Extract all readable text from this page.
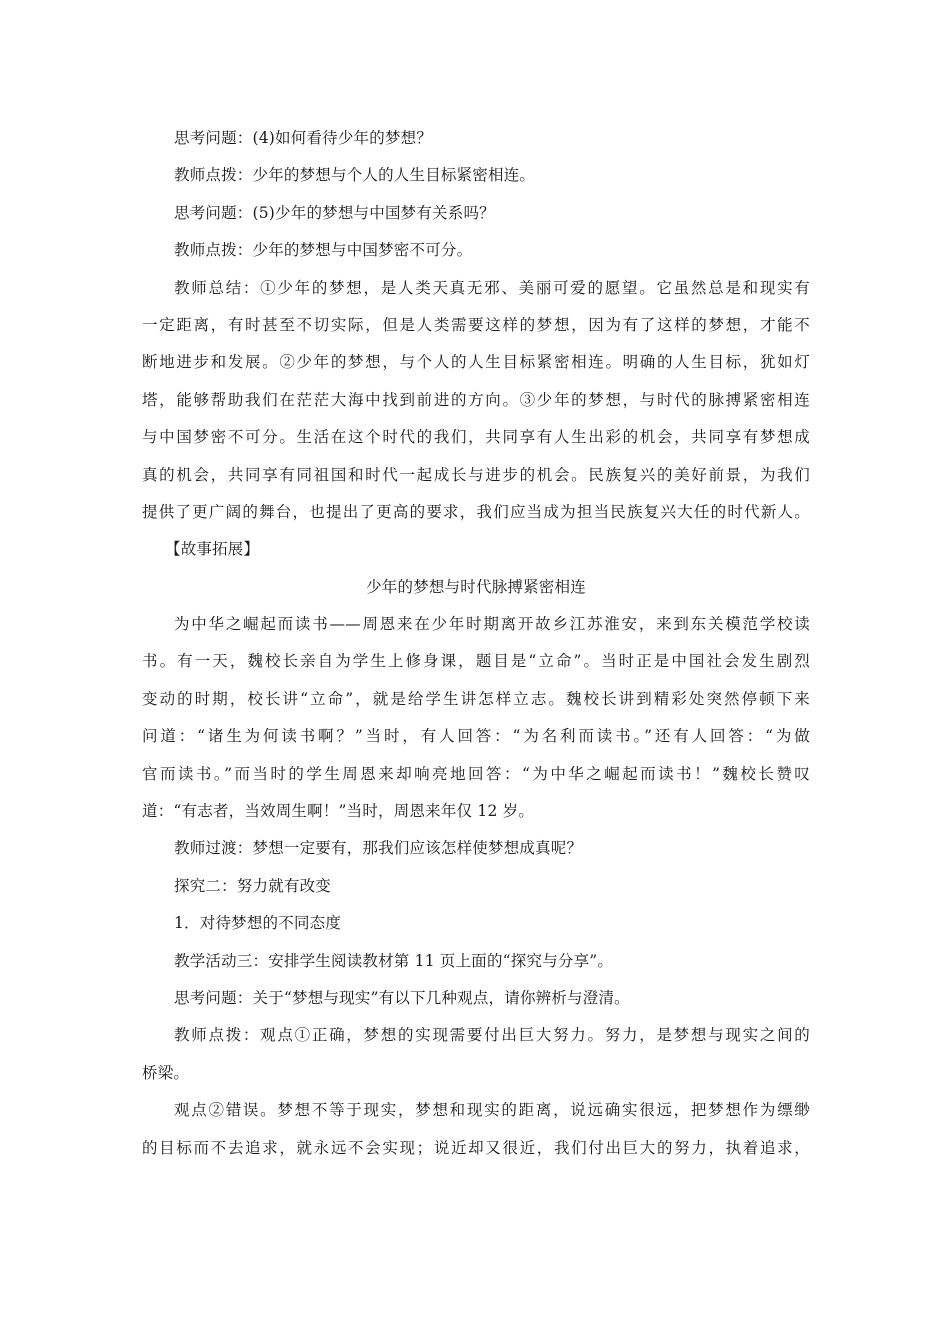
思考问题：(4)如何看待少年的梦想？
教师点拨：少年的梦想与个人的人生目标紧密相连。
思考问题：(5)少年的梦想与中国梦有关系吗？
教师点拨：少年的梦想与中国梦密不可分。
教师总结：①少年的梦想，是人类天真无邪、美丽可爱的愿望。它虽然总是和现实有
一定距离，有时甚至不切实际，但是人类需要这样的梦想，因为有了这样的梦想，才能不
断地进步和发展。②少年的梦想，与个人的人生目标紧密相连。明确的人生目标，犹如灯
塔，能够帮助我们在茫茫大海中找到前进的方向。③少年的梦想，与时代的脉搏紧密相连
与中国梦密不可分。生活在这个时代的我们，共同享有人生出彩的机会，共同享有梦想成
真的机会，共同享有同祖国和时代一起成长与进步的机会。民族复兴的美好前景，为我们
提供了更广阔的舞台，也提出了更高的要求，我们应当成为担当民族复兴大任的时代新人。
【故事拓展】
少年的梦想与时代脉搏紧密相连
为中华之崛起而读书——周恩来在少年时期离开故乡江苏淮安，来到东关模范学校读
书。有一天，魏校长亲自为学生上修身课，题目是“立命”。当时正是中国社会发生剧烈
变动的时期，校长讲“立命”，就是给学生讲怎样立志。魏校长讲到精彩处突然停顿下来
问道：“诸生为何读书啊？”当时，有人回答：“为名利而读书。”还有人回答：“为做
官而读书。”而当时的学生周恩来却响亮地回答：“为中华之崛起而读书！”魏校长赞叹
道：“有志者，当效周生啊！”当时，周恩来年仅 12 岁。
教师过渡：梦想一定要有，那我们应该怎样使梦想成真呢？
探究二：努力就有改变
1．对待梦想的不同态度
教学活动三：安排学生阅读教材第 11 页上面的“探究与分享”。
思考问题：关于“梦想与现实”有以下几种观点，请你辨析与澄清。
教师点拨：观点①正确，梦想的实现需要付出巨大努力。努力，是梦想与现实之间的
桥梁。
观点②错误。梦想不等于现实，梦想和现实的距离，说远确实很远，把梦想作为缥缈
的目标而不去追求，就永远不会实现；说近却又很近，我们付出巨大的努力，执着追求，
